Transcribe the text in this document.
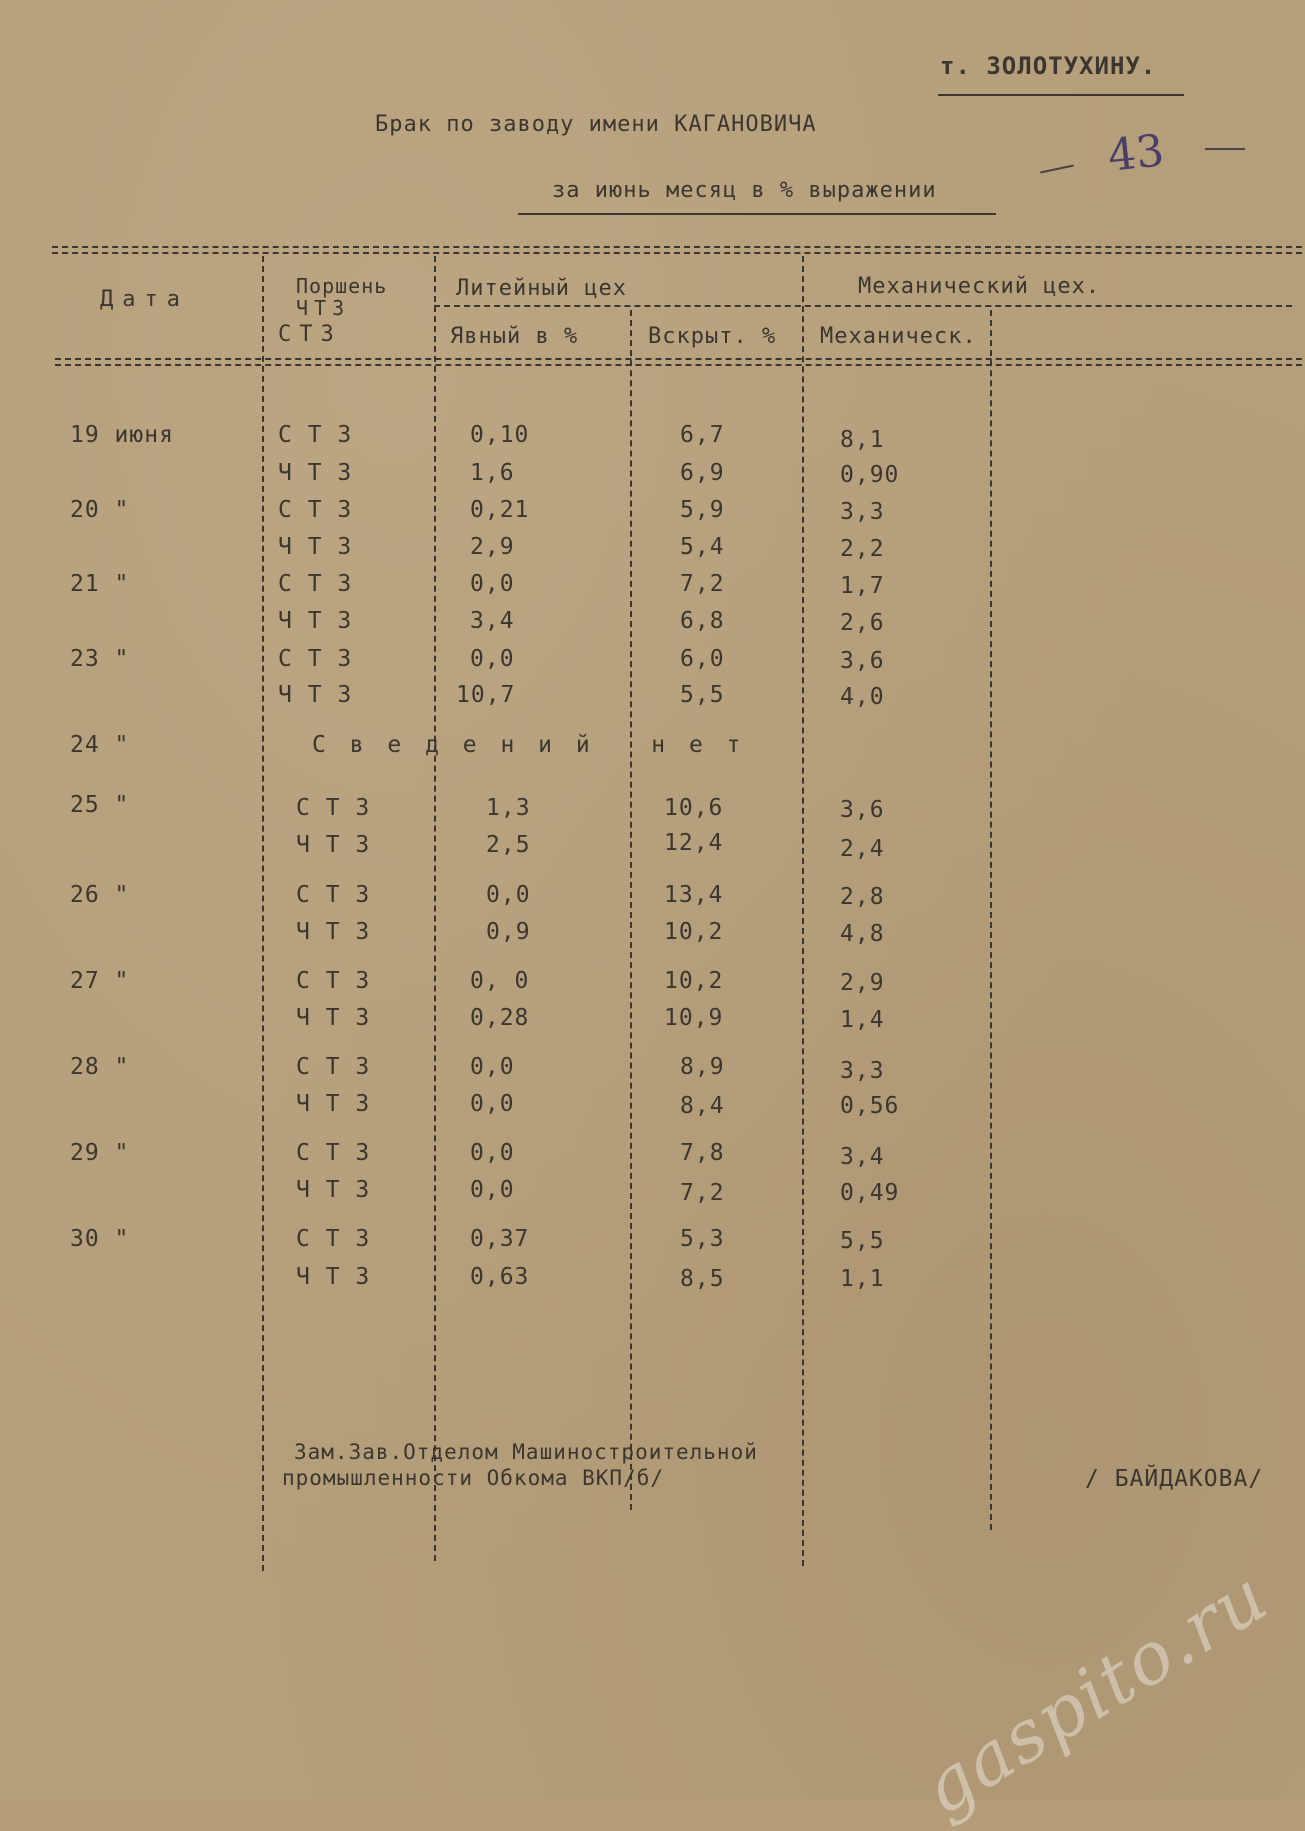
т. ЗОЛОТУХИНУ.
Брак по заводу имени КАГАНОВИЧА
за июнь месяц в % выражении
43
Дата
Поршень
ЧТЗ
СТЗ
Литейный цех
Явный в %	Вскрыт. %
Механический цех.
Механическ.
19 июня	С Т З	0,10	6,7	8,1
Ч Т З	1,6	6,9	0,90
20 "	С Т З	0,21	5,9	3,3
Ч Т З	2,9	5,4	2,2
21 "	С Т З	0,0	7,2	1,7
Ч Т З	3,4	6,8	2,6
23 "	С Т З	0,0	6,0	3,6
Ч Т З	10,7	5,5	4,0
24 "	С в е д е н и й   н е т
25 "	С Т З	1,3	10,6	3,6
Ч Т З	2,5	12,4	2,4
26 "	С Т З	0,0	13,4	2,8
Ч Т З	0,9	10,2	4,8
27 "	С Т З	0, 0	10,2	2,9
Ч Т З	0,28	10,9	1,4
28 "	С Т З	0,0	8,9	3,3
Ч Т З	0,0	8,4	0,56
29 "	С Т З	0,0	7,8	3,4
Ч Т З	0,0	7,2	0,49
30 "	С Т З	0,37	5,3	5,5
Ч Т З	0,63	8,5	1,1
Зам.Зав.Отделом Машиностроительной
промышленности Обкома ВКП/б/	/ БАЙДАКОВА/
gaspito.ru
